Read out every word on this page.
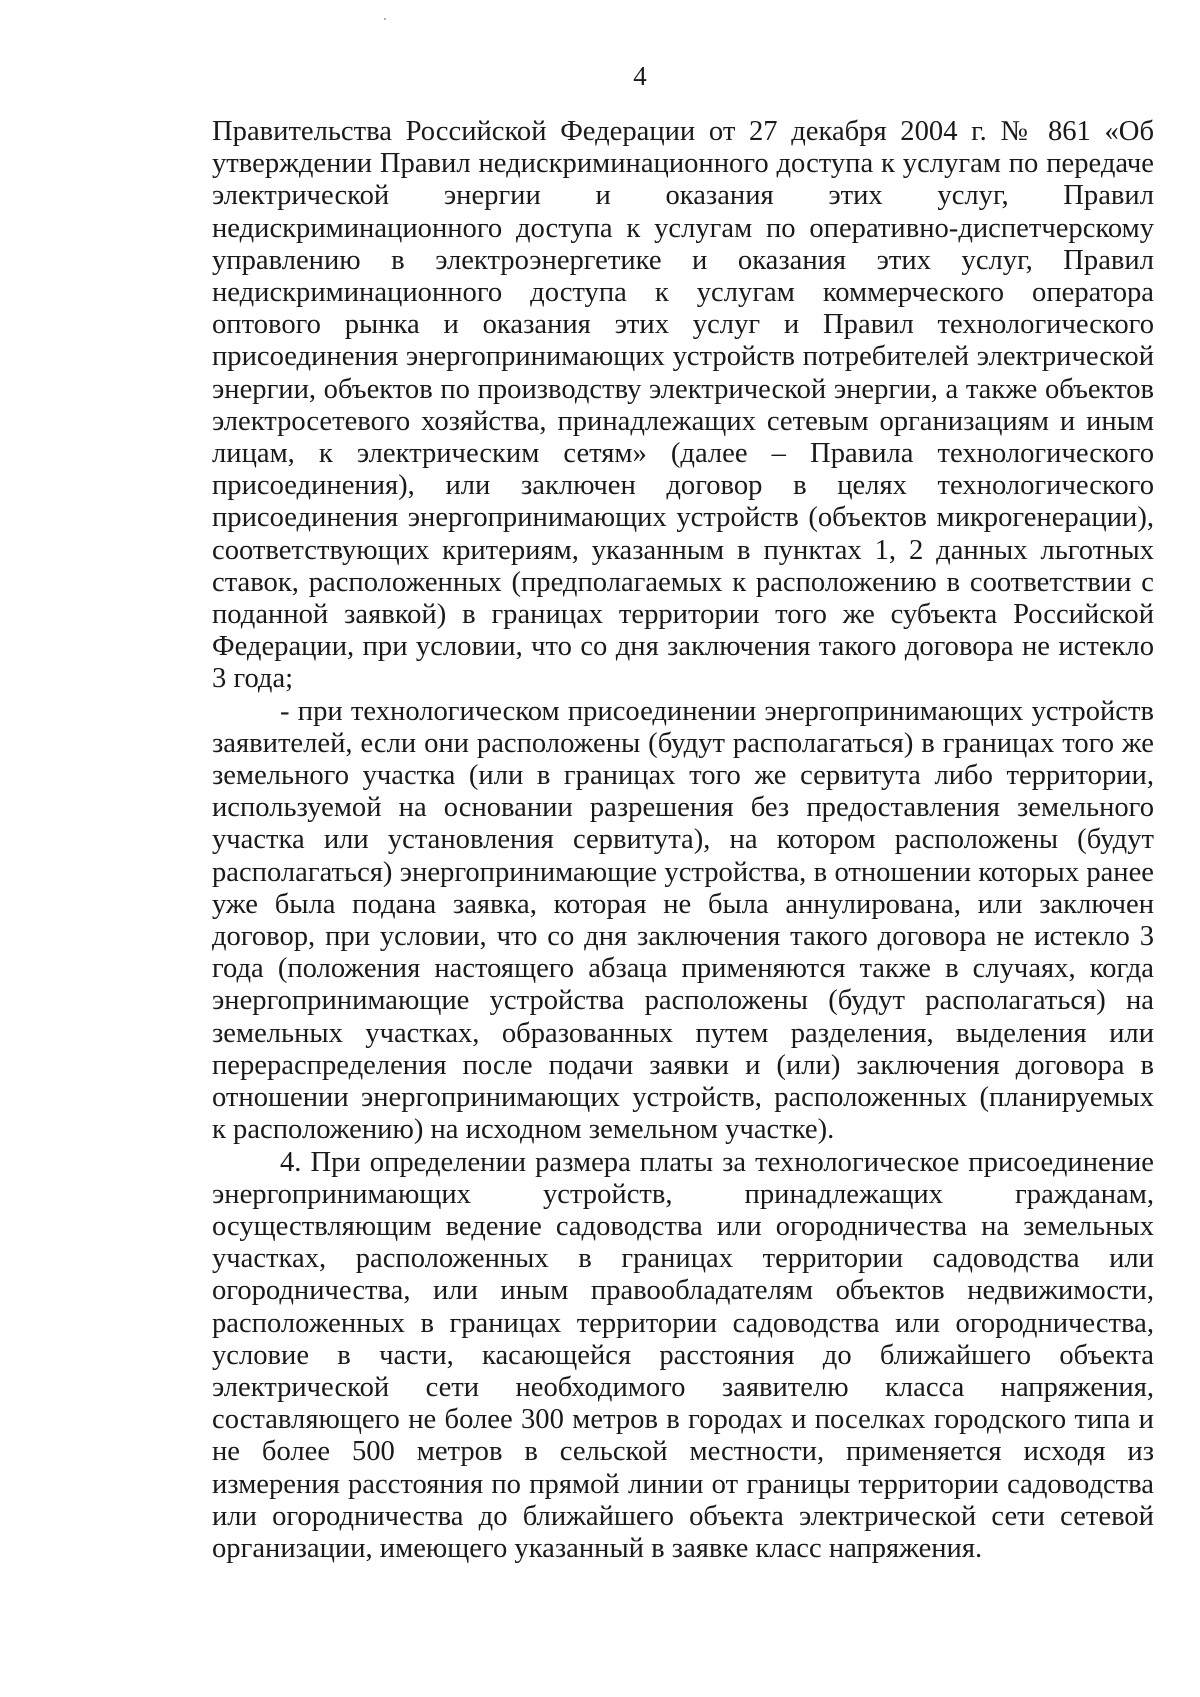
4

Правительства Российской Федерации от 27 декабря 2004 г. № 861 «Об утверждении Правил недискриминационного доступа к услугам по передаче электрической энергии и оказания этих услуг, Правил недискриминационного доступа к услугам по оперативно-диспетчерскому управлению в электроэнергетике и оказания этих услуг, Правил недискриминационного доступа к услугам коммерческого оператора оптового рынка и оказания этих услуг и Правил технологического присоединения энергопринимающих устройств потребителей электрической энергии, объектов по производству электрической энергии, а также объектов электросетевого хозяйства, принадлежащих сетевым организациям и иным лицам, к электрическим сетям» (далее – Правила технологического присоединения), или заключен договор в целях технологического присоединения энергопринимающих устройств (объектов микрогенерации), соответствующих критериям, указанным в пунктах 1, 2 данных льготных ставок, расположенных (предполагаемых к расположению в соответствии с поданной заявкой) в границах территории того же субъекта Российской Федерации, при условии, что со дня заключения такого договора не истекло 3 года;

- при технологическом присоединении энергопринимающих устройств заявителей, если они расположены (будут располагаться) в границах того же земельного участка (или в границах того же сервитута либо территории, используемой на основании разрешения без предоставления земельного участка или установления сервитута), на котором расположены (будут располагаться) энергопринимающие устройства, в отношении которых ранее уже была подана заявка, которая не была аннулирована, или заключен договор, при условии, что со дня заключения такого договора не истекло 3 года (положения настоящего абзаца применяются также в случаях, когда энергопринимающие устройства расположены (будут располагаться) на земельных участках, образованных путем разделения, выделения или перераспределения после подачи заявки и (или) заключения договора в отношении энергопринимающих устройств, расположенных (планируемых к расположению) на исходном земельном участке).

4. При определении размера платы за технологическое присоединение энергопринимающих устройств, принадлежащих гражданам, осуществляющим ведение садоводства или огородничества на земельных участках, расположенных в границах территории садоводства или огородничества, или иным правообладателям объектов недвижимости, расположенных в границах территории садоводства или огородничества, условие в части, касающейся расстояния до ближайшего объекта электрической сети необходимого заявителю класса напряжения, составляющего не более 300 метров в городах и поселках городского типа и не более 500 метров в сельской местности, применяется исходя из измерения расстояния по прямой линии от границы территории садоводства или огородничества до ближайшего объекта электрической сети сетевой организации, имеющего указанный в заявке класс напряжения.
